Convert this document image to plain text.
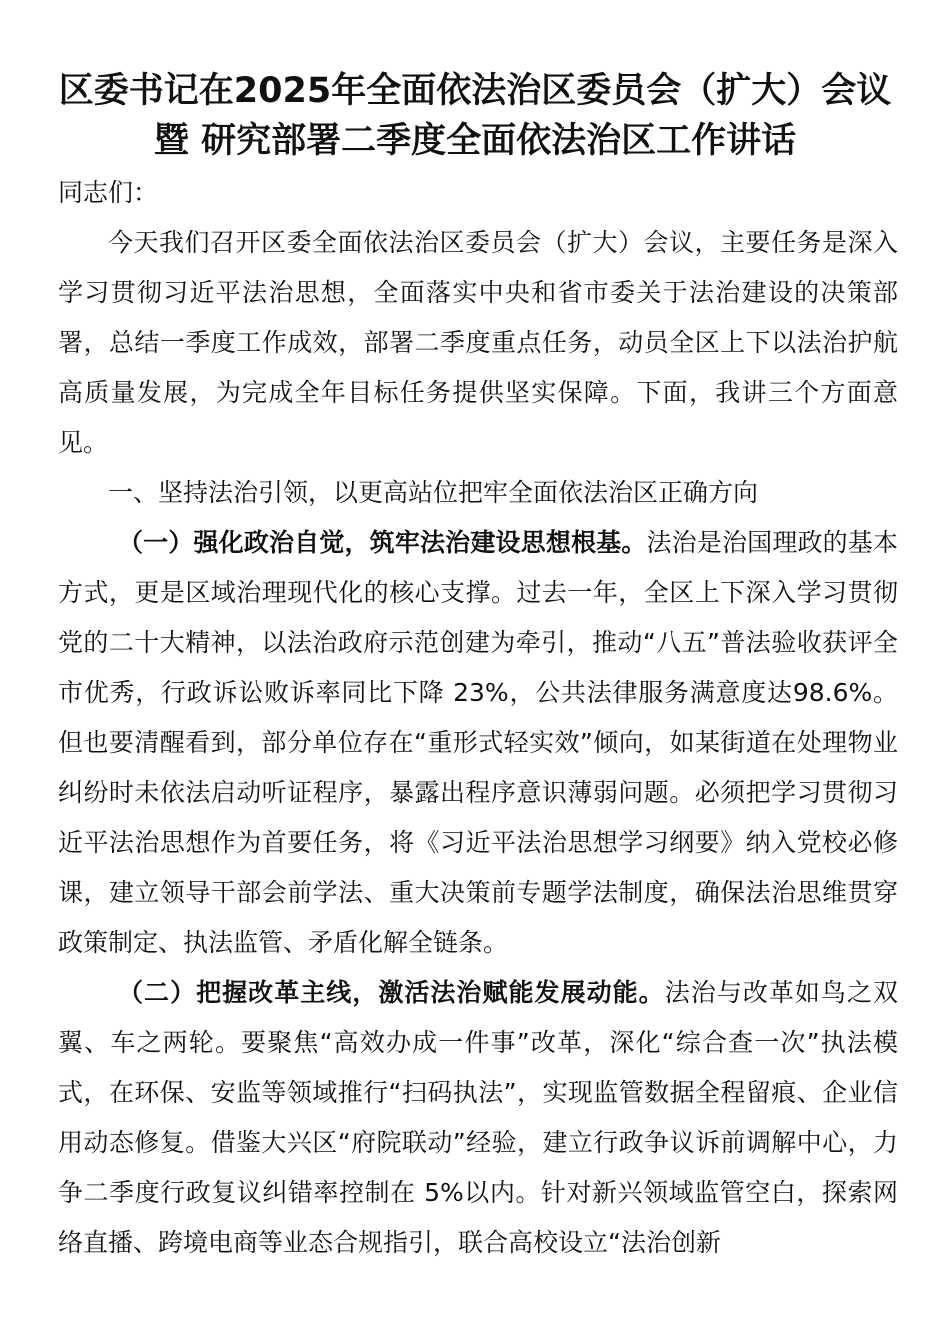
区委书记在2025年全面依法治区委员会（扩大）会议暨 研究部署二季度全面依法治区工作讲话

同志们：

今天我们召开区委全面依法治区委员会（扩大）会议，主要任务是深入学习贯彻习近平法治思想，全面落实中央和省市委关于法治建设的决策部署，总结一季度工作成效，部署二季度重点任务，动员全区上下以法治护航高质量发展，为完成全年目标任务提供坚实保障。下面，我讲三个方面意见。

一、坚持法治引领，以更高站位把牢全面依法治区正确方向

（一）强化政治自觉，筑牢法治建设思想根基。法治是治国理政的基本方式，更是区域治理现代化的核心支撑。过去一年，全区上下深入学习贯彻党的二十大精神，以法治政府示范创建为牵引，推动“八五”普法验收获评全市优秀，行政诉讼败诉率同比下降 23%，公共法律服务满意度达98.6%。但也要清醒看到，部分单位存在“重形式轻实效”倾向，如某街道在处理物业纠纷时未依法启动听证程序，暴露出程序意识薄弱问题。必须把学习贯彻习近平法治思想作为首要任务，将《习近平法治思想学习纲要》纳入党校必修课，建立领导干部会前学法、重大决策前专题学法制度，确保法治思维贯穿政策制定、执法监管、矛盾化解全链条。

（二）把握改革主线，激活法治赋能发展动能。法治与改革如鸟之双翼、车之两轮。要聚焦“高效办成一件事”改革，深化“综合查一次”执法模式，在环保、安监等领域推行“扫码执法”，实现监管数据全程留痕、企业信用动态修复。借鉴大兴区“府院联动”经验，建立行政争议诉前调解中心，力争二季度行政复议纠错率控制在 5%以内。针对新兴领域监管空白，探索网络直播、跨境电商等业态合规指引，联合高校设立“法治创新
